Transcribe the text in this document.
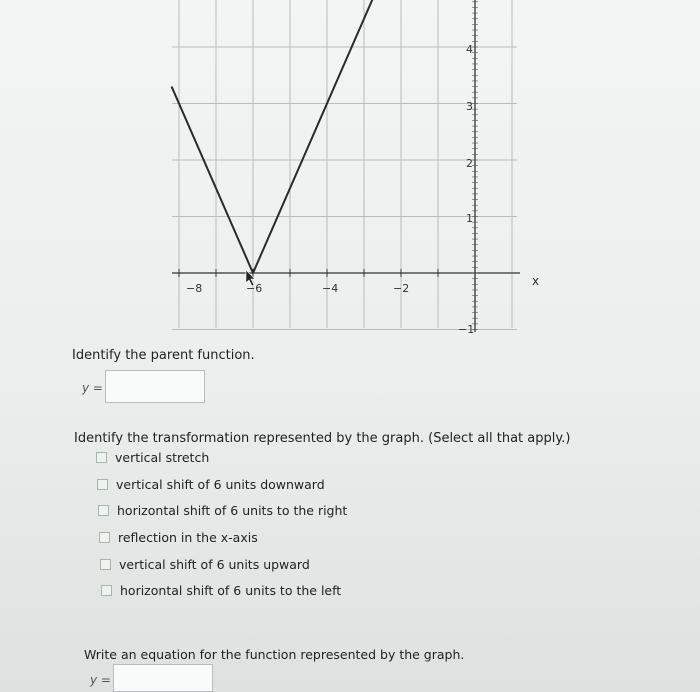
−8	−6	−4	−2
−1
1
2
3
4
x
Identify the parent function.
y =
Identify the transformation represented by the graph. (Select all that apply.)
vertical stretch
vertical shift of 6 units downward
horizontal shift of 6 units to the right
reflection in the x-axis
vertical shift of 6 units upward
horizontal shift of 6 units to the left
Write an equation for the function represented by the graph.
y =
